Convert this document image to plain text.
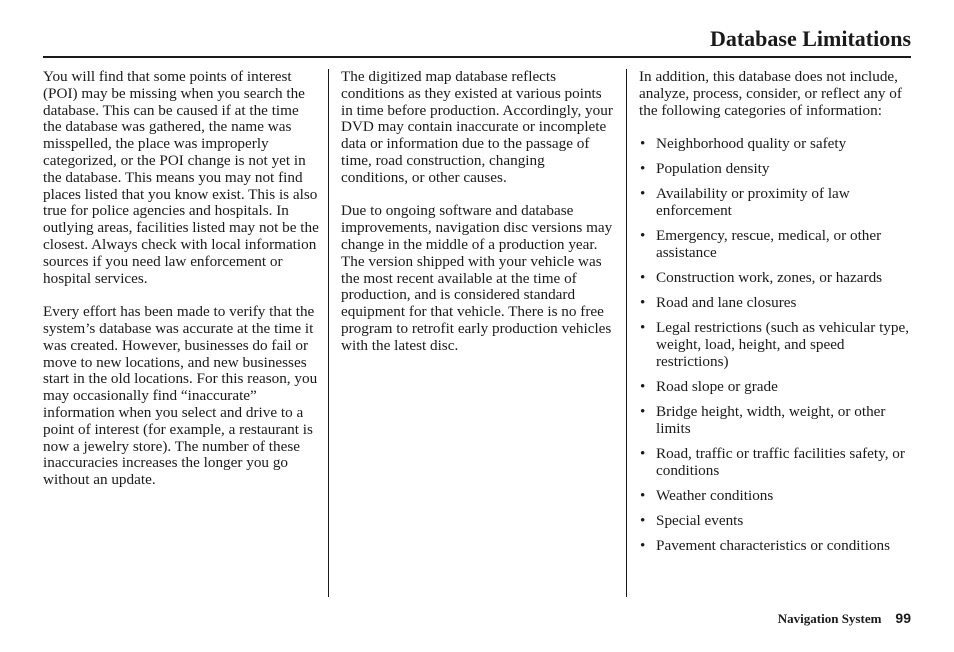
Database Limitations

You will find that some points of interest (POI) may be missing when you search the database. This can be caused if at the time the database was gathered, the name was misspelled, the place was improperly categorized, or the POI change is not yet in the database. This means you may not find places listed that you know exist. This is also true for police agencies and hospitals. In outlying areas, facilities listed may not be the closest. Always check with local information sources if you need law enforcement or hospital services.

Every effort has been made to verify that the system’s database was accurate at the time it was created. However, businesses do fail or move to new locations, and new businesses start in the old locations. For this reason, you may occasionally find “inaccurate” information when you select and drive to a point of interest (for example, a restaurant is now a jewelry store). The number of these inaccuracies increases the longer you go without an update.

The digitized map database reflects conditions as they existed at various points in time before production. Accordingly, your DVD may contain inaccurate or incomplete data or information due to the passage of time, road construction, changing conditions, or other causes.

Due to ongoing software and database improvements, navigation disc versions may change in the middle of a production year. The version shipped with your vehicle was the most recent available at the time of production, and is considered standard equipment for that vehicle. There is no free program to retrofit early production vehicles with the latest disc.

In addition, this database does not include, analyze, process, consider, or reflect any of the following categories of information:

• Neighborhood quality or safety
• Population density
• Availability or proximity of law enforcement
• Emergency, rescue, medical, or other assistance
• Construction work, zones, or hazards
• Road and lane closures
• Legal restrictions (such as vehicular type, weight, load, height, and speed restrictions)
• Road slope or grade
• Bridge height, width, weight, or other limits
• Road, traffic or traffic facilities safety, or conditions
• Weather conditions
• Special events
• Pavement characteristics or conditions
Navigation System 99
